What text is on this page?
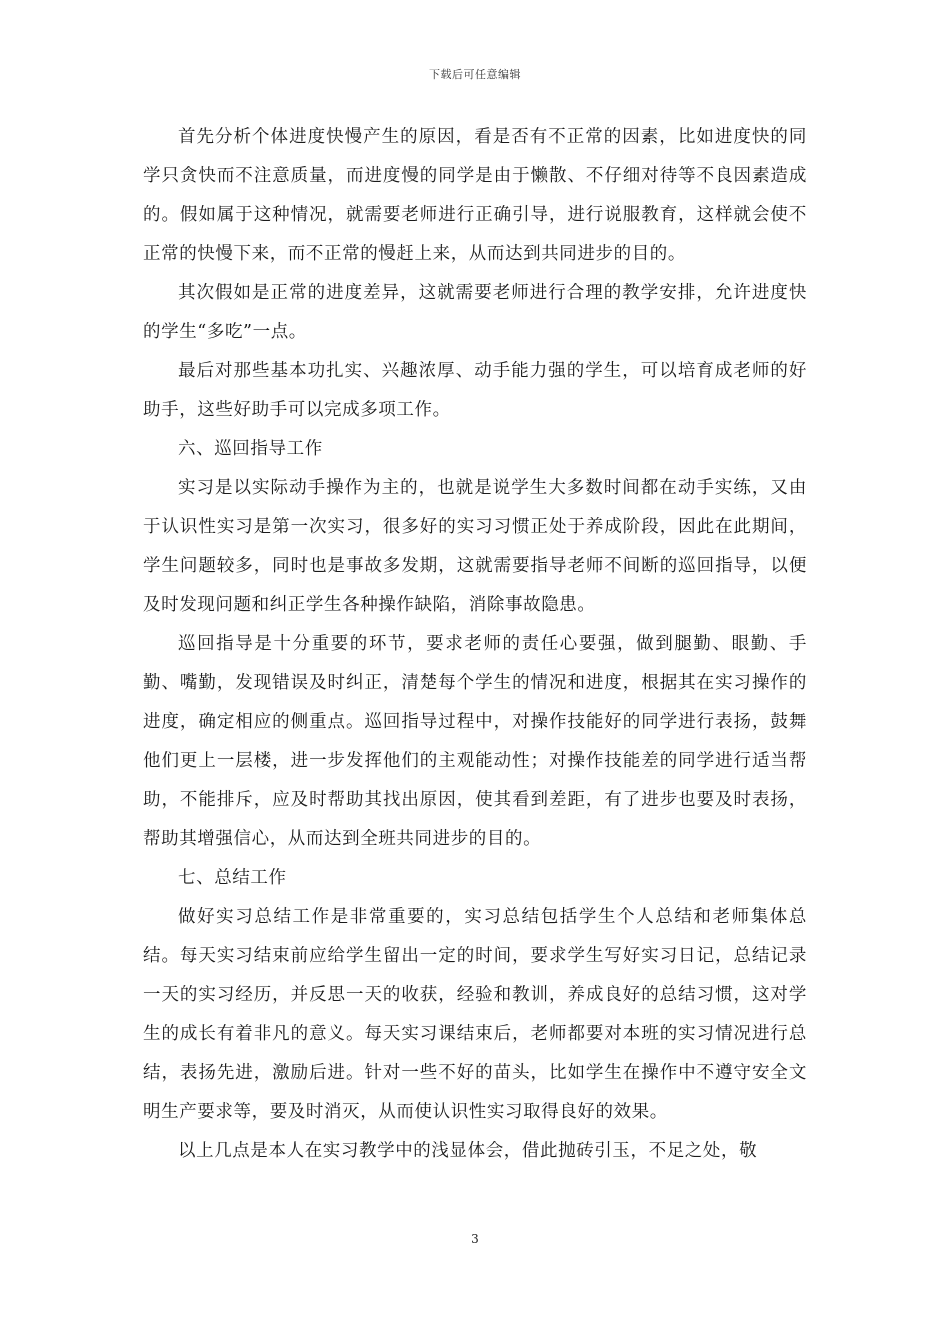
下载后可任意编辑

首先分析个体进度快慢产生的原因，看是否有不正常的因素，比如进度快的同学只贪快而不注意质量，而进度慢的同学是由于懒散、不仔细对待等不良因素造成的。假如属于这种情况，就需要老师进行正确引导，进行说服教育，这样就会使不正常的快慢下来，而不正常的慢赶上来，从而达到共同进步的目的。

其次假如是正常的进度差异，这就需要老师进行合理的教学安排，允许进度快的学生“多吃”一点。

最后对那些基本功扎实、兴趣浓厚、动手能力强的学生，可以培育成老师的好助手，这些好助手可以完成多项工作。

六、巡回指导工作

实习是以实际动手操作为主的，也就是说学生大多数时间都在动手实练，又由于认识性实习是第一次实习，很多好的实习习惯正处于养成阶段，因此在此期间，学生问题较多，同时也是事故多发期，这就需要指导老师不间断的巡回指导，以便及时发现问题和纠正学生各种操作缺陷，消除事故隐患。

巡回指导是十分重要的环节，要求老师的责任心要强，做到腿勤、眼勤、手勤、嘴勤，发现错误及时纠正，清楚每个学生的情况和进度，根据其在实习操作的进度，确定相应的侧重点。巡回指导过程中，对操作技能好的同学进行表扬，鼓舞他们更上一层楼，进一步发挥他们的主观能动性；对操作技能差的同学进行适当帮助，不能排斥，应及时帮助其找出原因，使其看到差距，有了进步也要及时表扬，帮助其增强信心，从而达到全班共同进步的目的。

七、总结工作

做好实习总结工作是非常重要的，实习总结包括学生个人总结和老师集体总结。每天实习结束前应给学生留出一定的时间，要求学生写好实习日记，总结记录一天的实习经历，并反思一天的收获，经验和教训，养成良好的总结习惯，这对学生的成长有着非凡的意义。每天实习课结束后，老师都要对本班的实习情况进行总结，表扬先进，激励后进。针对一些不好的苗头，比如学生在操作中不遵守安全文明生产要求等，要及时消灭，从而使认识性实习取得良好的效果。

以上几点是本人在实习教学中的浅显体会，借此抛砖引玉，不足之处，敬

3
